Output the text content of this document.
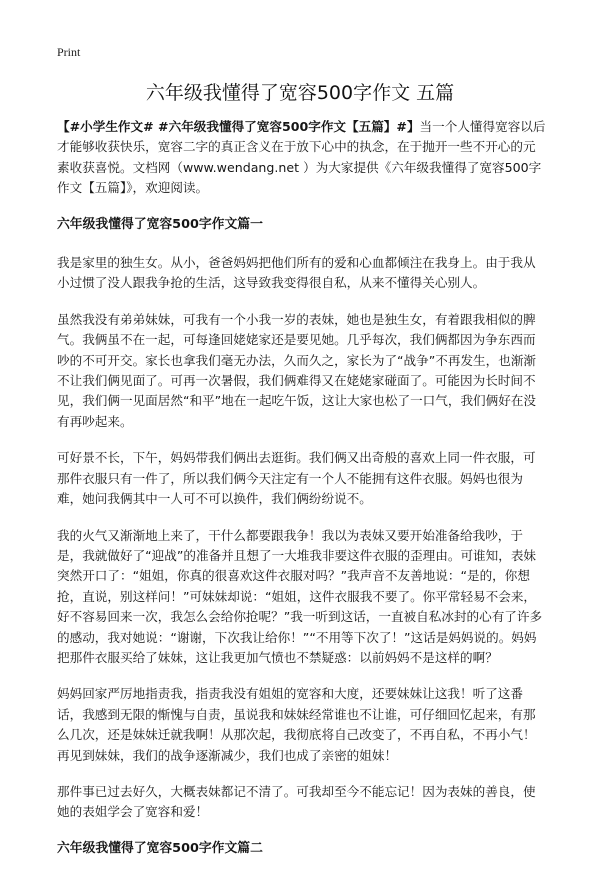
Print
六年级我懂得了宽容500字作文 五篇

【#小学生作文# #六年级我懂得了宽容500字作文【五篇】#】当一个人懂得宽容以后才能够收获快乐，宽容二字的真正含义在于放下心中的执念，在于抛开一些不开心的元素收获喜悦。文档网（www.wendang.net ）为大家提供《六年级我懂得了宽容500字作文【五篇】》，欢迎阅读。

六年级我懂得了宽容500字作文篇一

我是家里的独生女。从小，爸爸妈妈把他们所有的爱和心血都倾注在我身上。由于我从小过惯了没人跟我争抢的生活，这导致我变得很自私，从来不懂得关心别人。

虽然我没有弟弟妹妹，可我有一个小我一岁的表妹，她也是独生女，有着跟我相似的脾气。我俩虽不在一起，可每逢回姥姥家还是要见她。几乎每次，我们俩都因为争东西而吵的不可开交。家长也拿我们毫无办法，久而久之，家长为了“战争”不再发生，也渐渐不让我们俩见面了。可再一次暑假，我们俩难得又在姥姥家碰面了。可能因为长时间不见，我们俩一见面居然“和平”地在一起吃午饭，这让大家也松了一口气，我们俩好在没有再吵起来。

可好景不长，下午，妈妈带我们俩出去逛街。我们俩又出奇般的喜欢上同一件衣服，可那件衣服只有一件了，所以我们俩今天注定有一个人不能拥有这件衣服。妈妈也很为难，她问我俩其中一人可不可以换件，我们俩纷纷说不。

我的火气又渐渐地上来了，干什么都要跟我争！我以为表妹又要开始准备给我吵，于是，我就做好了“迎战”的准备并且想了一大堆我非要这件衣服的歪理由。可谁知，表妹突然开口了：“姐姐，你真的很喜欢这件衣服对吗？”我声音不友善地说：“是的，你想抢，直说，别这样问！”可妹妹却说：“姐姐，这件衣服我不要了。你平常轻易不会来，好不容易回来一次，我怎么会给你抢呢？”我一听到这话，一直被自私冰封的心有了许多的感动，我对她说：“谢谢，下次我让给你！”“不用等下次了！”这话是妈妈说的。妈妈把那件衣服买给了妹妹，这让我更加气愤也不禁疑惑：以前妈妈不是这样的啊？

妈妈回家严厉地指责我，指责我没有姐姐的宽容和大度，还要妹妹让这我！听了这番话，我感到无限的惭愧与自责，虽说我和妹妹经常谁也不让谁，可仔细回忆起来，有那么几次，还是妹妹迁就我啊！从那次起，我彻底将自己改变了，不再自私，不再小气！再见到妹妹，我们的战争逐渐减少，我们也成了亲密的姐妹！

那件事已过去好久，大概表妹都记不清了。可我却至今不能忘记！因为表妹的善良，使她的表姐学会了宽容和爱！

六年级我懂得了宽容500字作文篇二
